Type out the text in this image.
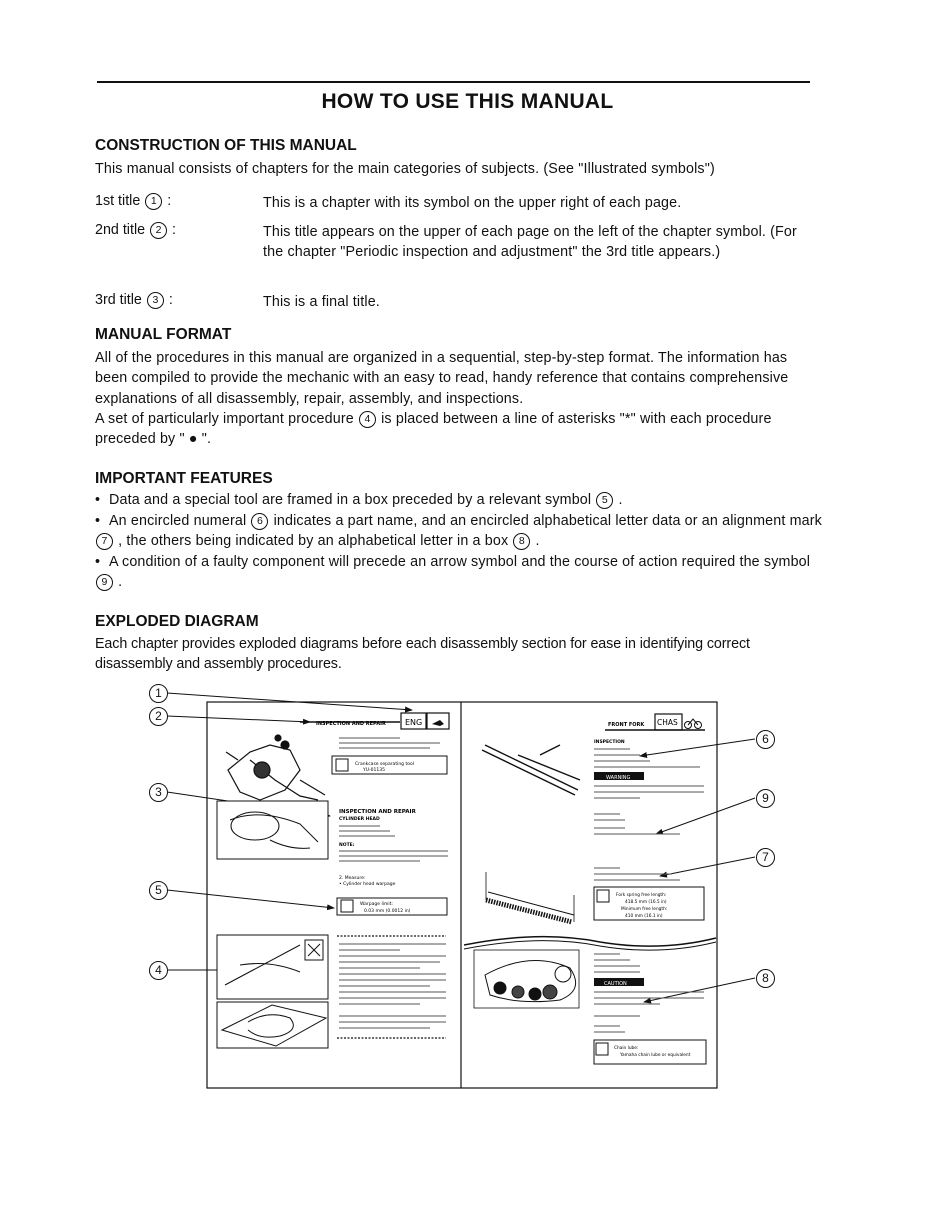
HOW TO USE THIS MANUAL
CONSTRUCTION OF THIS MANUAL
This manual consists of chapters for the main categories of subjects. (See "Illustrated symbols")
1st title 1 :	This is a chapter with its symbol on the upper right of each page.
2nd title 2 :	This title appears on the upper of each page on the left of the chapter symbol. (For the chapter "Periodic inspection and adjustment" the 3rd title appears.)
3rd title 3 :	This is a final title.
MANUAL FORMAT
All of the procedures in this manual are organized in a sequential, step-by-step format. The information has been compiled to provide the mechanic with an easy to read, handy reference that contains comprehensive explanations of all disassembly, repair, assembly, and inspections.
A set of particularly important procedure 4 is placed between a line of asterisks "*" with each procedure preceded by " ● ".
IMPORTANT FEATURES
• Data and a special tool are framed in a box preceded by a relevant symbol 5 .
• An encircled numeral 6 indicates a part name, and an encircled alphabetical letter data or an alignment mark 7 , the others being indicated by an alphabetical letter in a box 8 .
• A condition of a faulty component will precede an arrow symbol and the course of action required the symbol 9 .
EXPLODED DIAGRAM
Each chapter provides exploded diagrams before each disassembly section for ease in identifying correct disassembly and assembly procedures.
INSPECTION AND REPAIR ENG
Crankcase separating tool
YU-01135
INSPECTION AND REPAIR
CYLINDER HEAD
NOTE:
2. Measure:
• Cylinder head warpage
Warpage limit:
0.03 mm (0.0012 in)
FRONT FORK CHAS
INSPECTION
WARNING
Fork spring free length:
418.5 mm (16.5 in)
Minimum free length:
410 mm (16.1 in)
CAUTION
Chain lube:
Yamaha chain lube or equivalent
1
2
3
4
5
6
7
8
9
